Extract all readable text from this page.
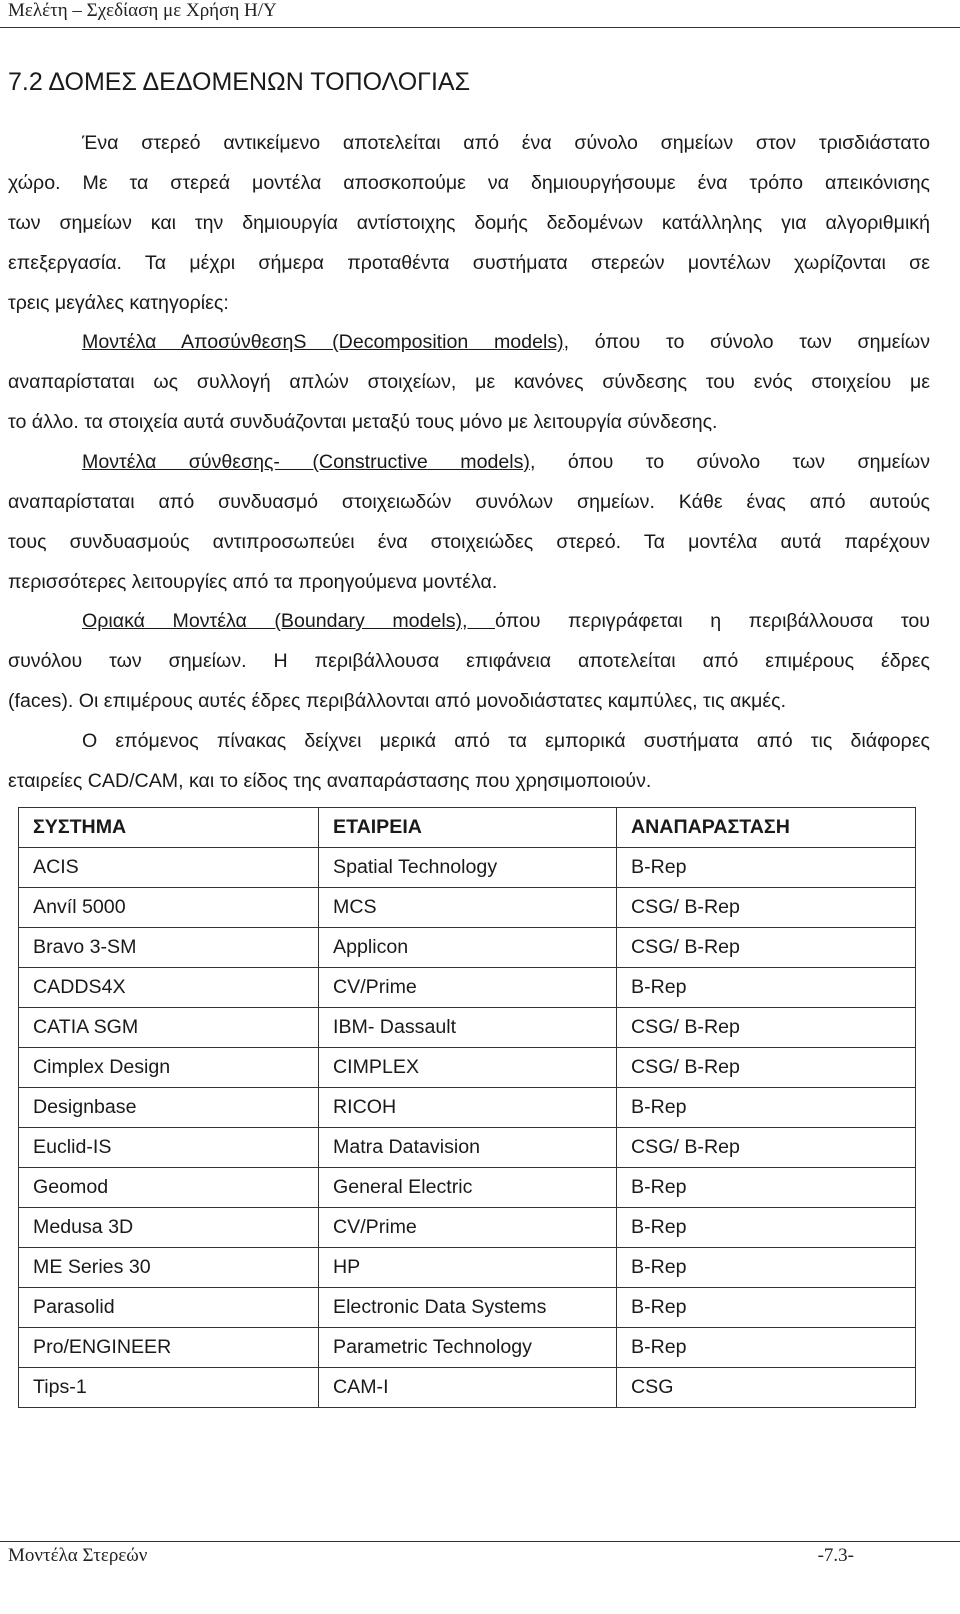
Μελέτη – Σχεδίαση με Χρήση Η/Υ
7.2 ΔΟΜΕΣ ΔΕΔΟΜΕΝΩΝ ΤΟΠΟΛΟΓΙΑΣ
Ένα στερεό αντικείμενο αποτελείται από ένα σύνολο σημείων στον τρισδιάστατο
χώρο. Με τα στερεά μοντέλα αποσκοπούμε να δημιουργήσουμε ένα τρόπο απεικόνισης
των σημείων και την δημιουργία αντίστοιχης δομής δεδομένων κατάλληλης για αλγοριθμική
επεξεργασία. Τα μέχρι σήμερα προταθέντα συστήματα στερεών μοντέλων χωρίζονται σε
τρεις μεγάλες κατηγορίες:
Μοντέλα ΑποσύνθεσηS (Decomposition models), όπου το σύνολο των σημείων
αναπαρίσταται ως συλλογή απλών στοιχείων, με κανόνες σύνδεσης του ενός στοιχείου με
το άλλο. τα στοιχεία αυτά συνδυάζονται μεταξύ τους μόνο με λειτουργία σύνδεσης.
Μοντέλα σύνθεσης- (Constructive models), όπου το σύνολο των σημείων
αναπαρίσταται από συνδυασμό στοιχειωδών συνόλων σημείων. Κάθε ένας από αυτούς
τους συνδυασμούς αντιπροσωπεύει ένα στοιχειώδες στερεό. Τα μοντέλα αυτά παρέχουν
περισσότερες λειτουργίες από τα προηγούμενα μοντέλα.
Οριακά Μοντέλα (Boundary models), όπου περιγράφεται η περιβάλλουσα του
συνόλου των σημείων. Η περιβάλλουσα επιφάνεια αποτελείται από επιμέρους έδρες
(faces). Οι επιμέρους αυτές έδρες περιβάλλονται από μονοδιάστατες καμπύλες, τις ακμές.
Ο επόμενος πίνακας δείχνει μερικά από τα εμπορικά συστήματα από τις διάφορες
εταιρείες CAD/CAM, και το είδος της αναπαράστασης που χρησιμοποιούν.
ΣΥΣΤΗΜΑ	ΕΤΑΙΡΕΙΑ	ΑΝΑΠΑΡΑΣΤΑΣΗ
ACIS	Spatial Technology	B-Rep
Anvíl 5000	MCS	CSG/ B-Rep
Bravo 3-SM	Applicon	CSG/ B-Rep
CADDS4X	CV/Prime	B-Rep
CATIA SGM	IBM- Dassault	CSG/ B-Rep
Cimplex Design	CIMPLEX	CSG/ B-Rep
Designbase	RICOH	B-Rep
Euclid-IS	Matra Datavision	CSG/ B-Rep
Geomod	General Electric	B-Rep
Medusa 3D	CV/Prime	B-Rep
ME Series 30	HP	B-Rep
Parasolid	Electronic Data Systems	B-Rep
Pro/ENGINEER	Parametric Technology	B-Rep
Tips-1	CAM-I	CSG
Μοντέλα Στερεών	-7.3-
